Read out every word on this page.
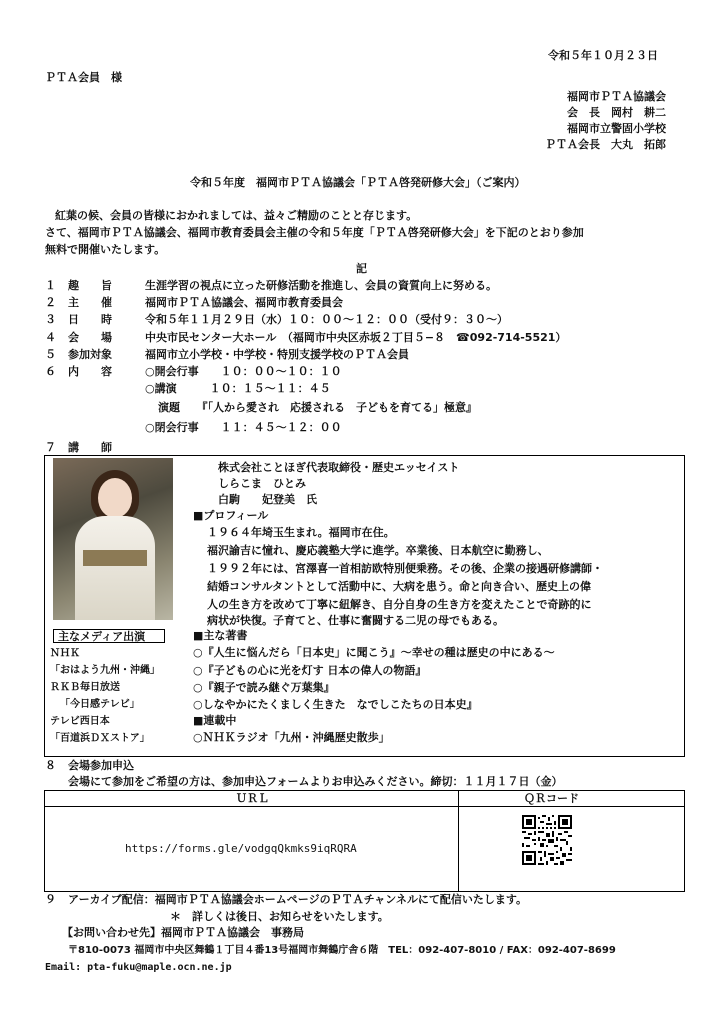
令和５年１０月２３日
ＰＴＡ会員　様
福岡市ＰＴＡ協議会
会　長　岡村　耕二
福岡市立警固小学校
ＰＴＡ会長　大丸　拓郎
令和５年度　福岡市ＰＴＡ協議会「ＰＴＡ啓発研修大会」（ご案内）
紅葉の候、会員の皆様におかれましては、益々ご精励のことと存じます。
さて、福岡市ＰＴＡ協議会、福岡市教育委員会主催の令和５年度「ＰＴＡ啓発研修大会」を下記のとおり参加
無料で開催いたします。
記
１ 趣　　旨	生涯学習の視点に立った研修活動を推進し、会員の資質向上に努める。
２ 主　　催	福岡市ＰＴＡ協議会、福岡市教育委員会
３ 日　　時	令和５年１１月２９日（水）１０：００～１２：００（受付９：３０～）
４ 会　　場	中央市民センター大ホール　（福岡市中央区赤坂２丁目５−８　☎092-714-5521）
５ 参加対象	福岡市立小学校・中学校・特別支援学校のＰＴＡ会員
６ 内　　容	○開会行事　　１０：００～１０：１０
○講演　　　１０：１５～１１：４５
演題　　『「人から愛され　応援される　子どもを育てる」極意』
○閉会行事　　１１：４５～１２：００
７ 講　　師
株式会社ことほぎ代表取締役・歴史エッセイスト
しらこま　ひとみ
白駒　　妃登美　氏
■プロフィール
１９６４年埼玉生まれ。福岡市在住。
福沢諭吉に憧れ、慶応義塾大学に進学。卒業後、日本航空に勤務し、
１９９２年には、宮澤喜一首相訪欧特別便乗務。その後、企業の接遇研修講師・
結婚コンサルタントとして活動中に、大病を患う。命と向き合い、歴史上の偉
人の生き方を改めて丁寧に紐解き、自分自身の生き方を変えたことで奇跡的に
病状が快復。子育てと、仕事に奮闘する二児の母でもある。
主なメディア出演
ＮＨＫ
「おはよう九州・沖縄」
ＲＫＢ毎日放送
「今日感テレビ」
テレビ西日本
「百道浜ＤＸストア」
■主な著書
○『人生に悩んだら「日本史」に聞こう』～幸せの種は歴史の中にある～
○『子どもの心に光を灯す 日本の偉人の物語』
○『親子で読み継ぐ万葉集』
○しなやかにたくましく生きた　なでしこたちの日本史』
■連載中
○ＮＨＫラジオ「九州・沖縄歴史散歩」
８ 会場参加申込
会場にて参加をご希望の方は、参加申込フォームよりお申込みください。締切：１１月１７日（金）
ＵＲＬ	ＱＲコード
https://forms.gle/vodgqQkmks9iqRQRA
９ アーカイブ配信：福岡市ＰＴＡ協議会ホームページのＰＴＡチャンネルにて配信いたします。
＊　詳しくは後日、お知らせをいたします。
【お問い合わせ先】福岡市ＰＴＡ協議会　事務局
〒810-0073 福岡市中央区舞鶴１丁目４番13号福岡市舞鶴庁舎６階　TEL：092-407-8010 / FAX：092-407-8699
Email: pta-fuku@maple.ocn.ne.jp
